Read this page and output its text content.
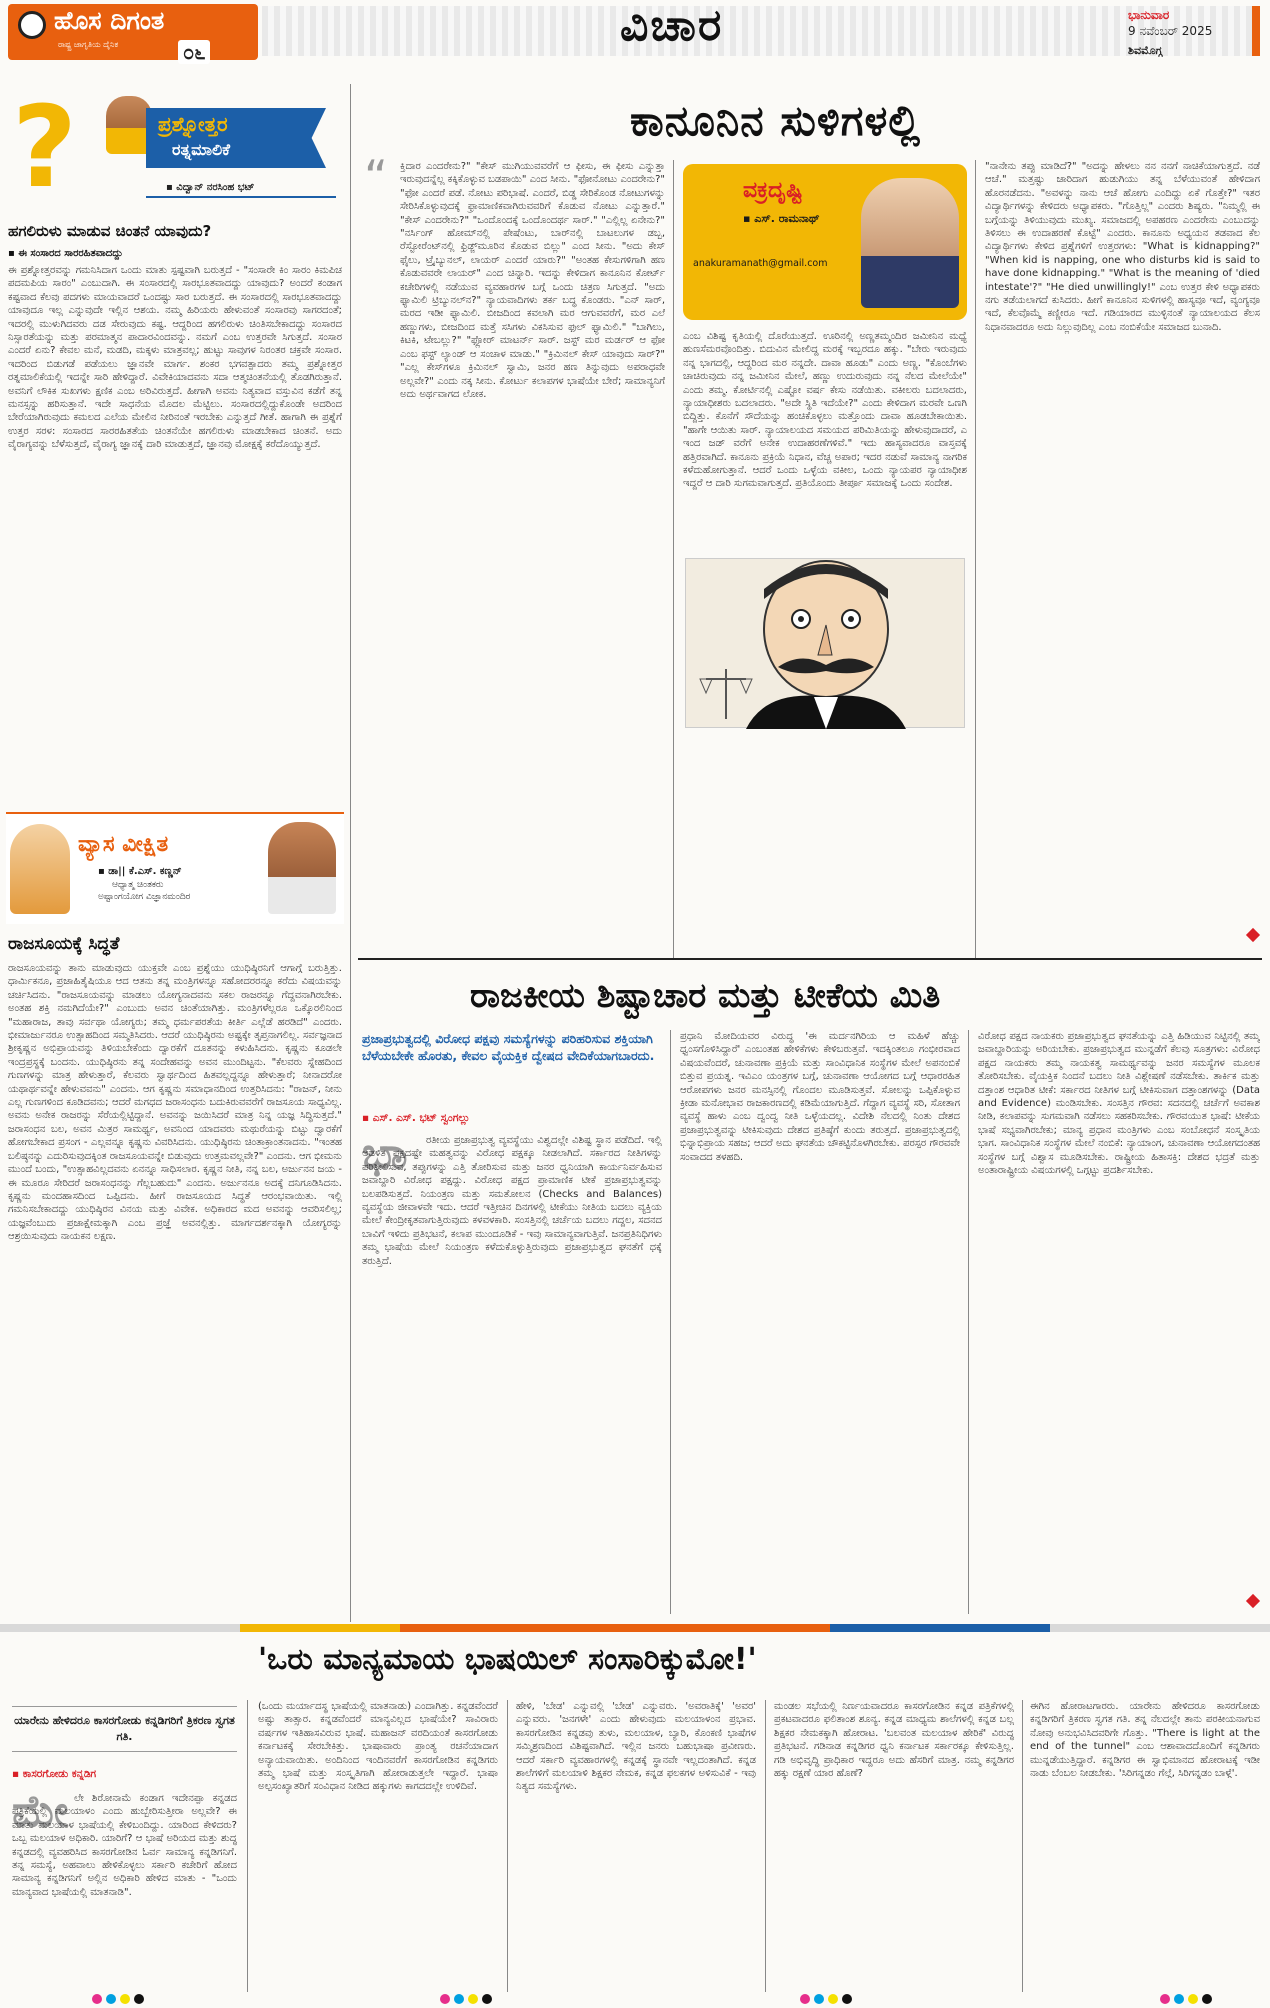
ಹೊಸ ದಿಗಂತ
ರಾಷ್ಟ್ರ ಜಾಗೃತಿಯ ದೈನಿಕ	೦೬
ವಿಚಾರ	ಭಾನುವಾರ
9 ನವೆಂಬರ್ 2025
ಶಿವಮೊಗ್ಗ
?	ಪ್ರಶ್ನೋತ್ತರ
ರತ್ನಮಾಲಿಕೆ
▪ ವಿದ್ವಾನ್ ನರಸಿಂಹ ಭಟ್
ಹಗಲಿರುಳು ಮಾಡುವ ಚಿಂತನೆ ಯಾವುದು?
▪ ಈ ಸಂಸಾರದ ಸಾರರಹಿತವಾದದ್ದು
ಈ ಪ್ರಶ್ನೋತ್ತರವನ್ನು ಗಮನಿಸಿದಾಗ ಒಂದು ಮಾತು ಸ್ಪಷ್ಟವಾಗಿ ಬರುತ್ತದೆ - "ಸಂಸಾರೇ ಕಿಂ ಸಾರಂ ಕಿಮಪಿಚ ಪದಮಪಿಯ ಸಾರಂ" ಎಂಬುದಾಗಿ. ಈ ಸಂಸಾರದಲ್ಲಿ ಸಾರಭೂತವಾದದ್ದು ಯಾವುದು? ಅಂದರೆ ಕಂಡಾಗ ಕಷ್ಟವಾದ ಕೆಲವು ಪದಗಳು ಮಾಯವಾದರೆ ಒಂದಷ್ಟು ಸಾರ ಬರುತ್ತದೆ. ಈ ಸಂಸಾರದಲ್ಲಿ ಸಾರಭೂತವಾದದ್ದು ಯಾವುದೂ ಇಲ್ಲ ಎನ್ನುವುದೇ ಇಲ್ಲಿನ ಆಶಯ. ನಮ್ಮ ಹಿರಿಯರು ಹೇಳುವಂತೆ ಸಂಸಾರವು ಸಾಗರದಂತೆ; ಇದರಲ್ಲಿ ಮುಳುಗಿದವರು ದಡ ಸೇರುವುದು ಕಷ್ಟ. ಆದ್ದರಿಂದ ಹಗಲಿರುಳು ಚಿಂತಿಸಬೇಕಾದದ್ದು ಸಂಸಾರದ ನಿಸ್ಸಾರತೆಯನ್ನು ಮತ್ತು ಪರಮಾತ್ಮನ ಪಾದಾರವಿಂದವನ್ನು. ನಮಗೆ ಎಂಬ ಉತ್ತರವೇ ಸಿಗುತ್ತದೆ. ಸಂಸಾರ ಎಂದರೆ ಏನು? ಕೇವಲ ಮನೆ, ಮಡದಿ, ಮಕ್ಕಳು ಮಾತ್ರವಲ್ಲ; ಹುಟ್ಟು ಸಾವುಗಳ ನಿರಂತರ ಚಕ್ರವೇ ಸಂಸಾರ. ಇದರಿಂದ ಬಿಡುಗಡೆ ಪಡೆಯಲು ಜ್ಞಾನವೇ ಮಾರ್ಗ. ಶಂಕರ ಭಗವತ್ಪಾದರು ತಮ್ಮ ಪ್ರಶ್ನೋತ್ತರ ರತ್ನಮಾಲಿಕೆಯಲ್ಲಿ ಇದನ್ನೇ ಸಾರಿ ಹೇಳಿದ್ದಾರೆ. ವಿವೇಕಿಯಾದವನು ಸದಾ ಆತ್ಮಚಿಂತನೆಯಲ್ಲಿ ತೊಡಗಿರುತ್ತಾನೆ. ಅವನಿಗೆ ಲೌಕಿಕ ಸುಖಗಳು ಕ್ಷಣಿಕ ಎಂಬ ಅರಿವಿರುತ್ತದೆ. ಹೀಗಾಗಿ ಅವನು ನಿತ್ಯವಾದ ವಸ್ತುವಿನ ಕಡೆಗೆ ತನ್ನ ಮನಸ್ಸನ್ನು ಹರಿಸುತ್ತಾನೆ. ಇದೇ ಸಾಧನೆಯ ಮೊದಲ ಮೆಟ್ಟಿಲು. ಸಂಸಾರದಲ್ಲಿದ್ದುಕೊಂಡೇ ಅದರಿಂದ ಬೇರೆಯಾಗಿರುವುದು ಕಮಲದ ಎಲೆಯ ಮೇಲಿನ ನೀರಿನಂತೆ ಇರಬೇಕು ಎನ್ನುತ್ತದೆ ಗೀತೆ. ಹಾಗಾಗಿ ಈ ಪ್ರಶ್ನೆಗೆ ಉತ್ತರ ಸರಳ: ಸಂಸಾರದ ಸಾರರಹಿತತೆಯ ಚಿಂತನೆಯೇ ಹಗಲಿರುಳು ಮಾಡಬೇಕಾದ ಚಿಂತನೆ. ಅದು ವೈರಾಗ್ಯವನ್ನು ಬೆಳೆಸುತ್ತದೆ, ವೈರಾಗ್ಯ ಜ್ಞಾನಕ್ಕೆ ದಾರಿ ಮಾಡುತ್ತದೆ, ಜ್ಞಾನವು ಮೋಕ್ಷಕ್ಕೆ ಕರೆದೊಯ್ಯುತ್ತದೆ.
ವ್ಯಾಸ ವೀಕ್ಷಿತ
▪ ಡಾ|| ಕೆ.ಎಸ್. ಕಣ್ಣನ್
ಆಧ್ಯಾತ್ಮ ಚಿಂತಕರು
ಅಷ್ಟಾಂಗಯೋಗ ವಿಜ್ಞಾನಮಂದಿರ
ರಾಜಸೂಯಕ್ಕೆ ಸಿದ್ಧತೆ
ರಾಜಸೂಯವನ್ನು ತಾನು ಮಾಡುವುದು ಯುಕ್ತವೇ ಎಂಬ ಪ್ರಶ್ನೆಯು ಯುಧಿಷ್ಠಿರನಿಗೆ ಆಗಾಗ್ಗೆ ಬರುತ್ತಿತ್ತು. ಧಾರ್ಮಿಕನೂ, ಪ್ರಜಾಹಿತೈಷಿಯೂ ಆದ ಆತನು ತನ್ನ ಮಂತ್ರಿಗಳನ್ನೂ ಸಹೋದರರನ್ನೂ ಕರೆದು ವಿಷಯವನ್ನು ಚರ್ಚಿಸಿದನು. "ರಾಜಸೂಯವನ್ನು ಮಾಡಲು ಯೋಗ್ಯನಾದವನು ಸಕಲ ರಾಜರನ್ನೂ ಗೆದ್ದವನಾಗಿರಬೇಕು. ಅಂತಹ ಶಕ್ತಿ ನಮಗಿದೆಯೇ?" ಎಂಬುದು ಅವನ ಚಿಂತೆಯಾಗಿತ್ತು. ಮಂತ್ರಿಗಳೆಲ್ಲರೂ ಒಕ್ಕೊರಲಿನಿಂದ "ಮಹಾರಾಜ, ತಾವು ಸರ್ವಥಾ ಯೋಗ್ಯರು; ತಮ್ಮ ಧರ್ಮಪರತೆಯ ಕೀರ್ತಿ ಎಲ್ಲೆಡೆ ಹರಡಿದೆ" ಎಂದರು. ಭೀಮಾರ್ಜುನರೂ ಉತ್ಸಾಹದಿಂದ ಸಮ್ಮತಿಸಿದರು. ಆದರೆ ಯುಧಿಷ್ಠಿರನು ಅಷ್ಟಕ್ಕೇ ತೃಪ್ತನಾಗಲಿಲ್ಲ. ಸರ್ವಜ್ಞನಾದ ಶ್ರೀಕೃಷ್ಣನ ಅಭಿಪ್ರಾಯವನ್ನು ತಿಳಿಯಬೇಕೆಂದು ದ್ವಾರಕೆಗೆ ದೂತನನ್ನು ಕಳುಹಿಸಿದನು. ಕೃಷ್ಣನು ಕೂಡಲೇ ಇಂದ್ರಪ್ರಸ್ಥಕ್ಕೆ ಬಂದನು. ಯುಧಿಷ್ಠಿರನು ತನ್ನ ಸಂದೇಹವನ್ನು ಅವನ ಮುಂದಿಟ್ಟನು. "ಕೆಲವರು ಸ್ನೇಹದಿಂದ ಗುಣಗಳನ್ನು ಮಾತ್ರ ಹೇಳುತ್ತಾರೆ, ಕೆಲವರು ಸ್ವಾರ್ಥದಿಂದ ಹಿತವಲ್ಲದ್ದನ್ನೂ ಹೇಳುತ್ತಾರೆ; ನೀನಾದರೋ ಯಥಾರ್ಥವನ್ನೇ ಹೇಳುವವನು" ಎಂದನು. ಆಗ ಕೃಷ್ಣನು ಸಮಾಧಾನದಿಂದ ಉತ್ತರಿಸಿದನು: "ರಾಜನ್, ನೀನು ಎಲ್ಲ ಗುಣಗಳಿಂದ ಕೂಡಿದವನು; ಆದರೆ ಮಗಧದ ಜರಾಸಂಧನು ಬದುಕಿರುವವರೆಗೆ ರಾಜಸೂಯ ಸಾಧ್ಯವಿಲ್ಲ. ಅವನು ಅನೇಕ ರಾಜರನ್ನು ಸೆರೆಯಲ್ಲಿಟ್ಟಿದ್ದಾನೆ. ಅವನನ್ನು ಜಯಿಸಿದರೆ ಮಾತ್ರ ನಿನ್ನ ಯಜ್ಞ ಸಿದ್ಧಿಸುತ್ತದೆ." ಜರಾಸಂಧನ ಬಲ, ಅವನ ಮಿತ್ರರ ಸಾಮರ್ಥ್ಯ, ಅವನಿಂದ ಯಾದವರು ಮಥುರೆಯನ್ನು ಬಿಟ್ಟು ದ್ವಾರಕೆಗೆ ಹೋಗಬೇಕಾದ ಪ್ರಸಂಗ - ಎಲ್ಲವನ್ನೂ ಕೃಷ್ಣನು ವಿವರಿಸಿದನು. ಯುಧಿಷ್ಠಿರನು ಚಿಂತಾಕ್ರಾಂತನಾದನು. "ಇಂತಹ ಬಲಿಷ್ಠನನ್ನು ಎದುರಿಸುವುದಕ್ಕಿಂತ ರಾಜಸೂಯವನ್ನೇ ಬಿಡುವುದು ಉತ್ತಮವಲ್ಲವೇ?" ಎಂದನು. ಆಗ ಭೀಮನು ಮುಂದೆ ಬಂದು, "ಉತ್ಸಾಹವಿಲ್ಲದವನು ಏನನ್ನೂ ಸಾಧಿಸಲಾರ. ಕೃಷ್ಣನ ನೀತಿ, ನನ್ನ ಬಲ, ಅರ್ಜುನನ ಜಯ - ಈ ಮೂರೂ ಸೇರಿದರೆ ಜರಾಸಂಧನನ್ನು ಗೆಲ್ಲಬಹುದು" ಎಂದನು. ಅರ್ಜುನನೂ ಅದಕ್ಕೆ ದನಿಗೂಡಿಸಿದನು. ಕೃಷ್ಣನು ಮಂದಹಾಸದಿಂದ ಒಪ್ಪಿದನು. ಹೀಗೆ ರಾಜಸೂಯದ ಸಿದ್ಧತೆ ಆರಂಭವಾಯಿತು. ಇಲ್ಲಿ ಗಮನಿಸಬೇಕಾದದ್ದು ಯುಧಿಷ್ಠಿರನ ವಿನಯ ಮತ್ತು ವಿವೇಕ. ಅಧಿಕಾರದ ಮದ ಅವನನ್ನು ಆವರಿಸಲಿಲ್ಲ; ಯಜ್ಞವೆಂಬುದು ಪ್ರಜಾಕ್ಷೇಮಕ್ಕಾಗಿ ಎಂಬ ಪ್ರಜ್ಞೆ ಅವನಲ್ಲಿತ್ತು. ಮಾರ್ಗದರ್ಶನಕ್ಕಾಗಿ ಯೋಗ್ಯರನ್ನು ಆಶ್ರಯಿಸುವುದು ನಾಯಕನ ಲಕ್ಷಣ.
ಕಾನೂನಿನ ಸುಳಿಗಳಲ್ಲಿ
“ ಕ್ತಿದಾರ ಎಂದರೇನು?" "ಕೇಸ್ ಮುಗಿಯುವವರೆಗೆ ಆ ಫೀಸು, ಈ ಫೀಸು ಎನ್ನುತ್ತಾ ಇರುವುದನ್ನೆಲ್ಲ ಕಕ್ಕಿಕೊಳ್ಳುವ ಬಡಪಾಯಿ" ಎಂದ ಸೀನು. "ಫೋನೋಟು ಎಂದರೇನು?" "ಫೋ ಎಂದರೆ ಪಡೆ. ನೋಟು ಪರಿಭಾಷೆ. ಎಂದರೆ, ಬಿಡ್ಡ ಸೇರಿಕೊಂಡ ನೋಟುಗಳನ್ನು ಸೇರಿಸಿಕೊಳ್ಳುವುದಕ್ಕೆ ಫ್ರಾಮಾಣಿಕವಾಗಿರುವವರಿಗೆ ಕೊಡುವ ನೋಟು ಎನ್ನುತ್ತಾರೆ." "ಕೇಸ್ ಎಂದರೇನು?" "ಒಂದೊಂದಕ್ಕೆ ಒಂದೊಂದರ್ಥ ಸಾರ್." "ಎಲ್ಲಿಲ್ಲ ಏನೇನು?" "ನರ್ಸಿಂಗ್ ಹೋಮ್‌ನಲ್ಲಿ ಪೇಷೆಂಟು, ಬಾರ್‌ನಲ್ಲಿ ಬಾಟಲುಗಳ ಡಬ್ಬ, ರೆಸ್ಟೋರೆಂಟ್‌ನಲ್ಲಿ ಫ್ರಿಡ್ಜ್‌ಮೂರಿನ ಕೊಡುವ ಬಿಲ್ಲು" ಎಂದ ಸೀನು. "ಅದು ಕೇಸ್ ಫೈಲು, ಟ್ರೈಬ್ಯುನಲ್, ಲಾಯರ್ ಎಂದರೆ ಯಾರು?" "ಅಂತಹ ಕೇಸುಗಳಿಗಾಗಿ ಹಣ ಕೊಡುವವರೇ ಲಾಯರ್" ಎಂದ ಚಿನ್ನಾರಿ. ಇದನ್ನು ಕೇಳಿದಾಗ ಕಾನೂನಿನ ಕೋರ್ಟ್ ಕಚೇರಿಗಳಲ್ಲಿ ನಡೆಯುವ ವ್ಯವಹಾರಗಳ ಬಗ್ಗೆ ಒಂದು ಚಿತ್ರಣ ಸಿಗುತ್ತದೆ. "ಅದು ಫ್ಯಾಮಿಲಿ ಟ್ರಿಬ್ಯುನಲ್‌ನ?" ನ್ಯಾಯವಾದಿಗಳು ತರ್ಕ ಬದ್ಧ ಕೊಂಡರು. "ಎನ್ ಸಾರ್, ಮರದ ಇಡೀ ಫ್ಯಾಮಿಲಿ. ಬೀಜದಿಂದ ಕವಲಾಗಿ ಮರ ಆಗುವವರೆಗೆ, ಮರ ಎಲೆ ಹಣ್ಣುಗಳು, ಬೀಜದಿಂದ ಮತ್ತೆ ಸಸಿಗಳು ವಿಕಸಿಸುವ ಫುಲ್ ಫ್ಯಾಮಿಲಿ." "ಬಾಗಿಲು, ಕಿಟಕಿ, ಟೇಬಲ್ಲು?" "ಫ್ಲೋರ್ ಮಾಟರ್ನ್ ಸಾರ್. ಜಸ್ಟ್ ಮರ ಮರ್ಡರ್ ಆ ಫೋ ಎಂಬ ಫಸ್ಟ್ ಲ್ಯಾಂಡ್ ಆ ಸಂಚಾಳ ಮಾಡು." "ಕ್ರಿಮಿನಲ್ ಕೇಸ್ ಯಾವುದು ಸಾರ್?" "ಎಲ್ಲ ಕೇಸ್‌ಗಳೂ ಕ್ರಿಮಿನಲ್ ಸ್ವಾಮಿ, ಜನರ ಹಣ ತಿನ್ನುವುದು ಅಪರಾಧವೇ ಅಲ್ಲವೇ?" ಎಂದು ನಕ್ಕ ಸೀನು. ಕೋರ್ಟು ಕಲಾಪಗಳ ಭಾಷೆಯೇ ಬೇರೆ; ಸಾಮಾನ್ಯನಿಗೆ ಅದು ಅರ್ಥವಾಗದ ಲೋಕ.
ವಕ್ರದೃಷ್ಟಿ
▪ ಎಸ್. ರಾಮನಾಥ್
anakuramanath@gmail.com
ಎಂಬ ವಿಶಿಷ್ಟ ಕೃತಿಯಲ್ಲಿ ದೊರೆಯುತ್ತದೆ. ಊರಿನಲ್ಲಿ ಅಣ್ಣತಮ್ಮಂದಿರ ಜಮೀನಿನ ಮಧ್ಯೆ ಹುಣಸೆಮರವೊಂದಿತ್ತು. ಬಿದುವಿನ ಮೇಲಿದ್ದ ಮರಕ್ಕೆ ಇಬ್ಬರದೂ ಹಕ್ಕು. "ಬೇರು ಇರುವುದು ನನ್ನ ಭಾಗದಲ್ಲಿ, ಆದ್ದರಿಂದ ಮರ ನನ್ನದೇ. ದಾವಾ ಹೂಡು" ಎಂದು ಅಣ್ಣ. "ಕೊಂಬೆಗಳು ಚಾಚಿರುವುದು ನನ್ನ ಜಮೀನಿನ ಮೇಲೆ, ಹಣ್ಣು ಉದುರುವುದು ನನ್ನ ನೆಲದ ಮೇಲೆಯೇ" ಎಂದು ತಮ್ಮ. ಕೋರ್ಟಿನಲ್ಲಿ ಎಷ್ಟೋ ವರ್ಷ ಕೇಸು ನಡೆಯಿತು. ವಕೀಲರು ಬದಲಾದರು, ನ್ಯಾಯಾಧೀಶರು ಬದಲಾದರು. "ಅದೇ ಸ್ಥಿತಿ ಇದೆಯೇ?" ಎಂದು ಕೇಳಿದಾಗ ಮರವೇ ಒಣಗಿ ಬಿದ್ದಿತ್ತು. ಕೊನೆಗೆ ಸೌದೆಯನ್ನು ಹಂಚಿಕೊಳ್ಳಲು ಮತ್ತೊಂದು ದಾವಾ ಹೂಡಬೇಕಾಯಿತು. "ಹಾಗೇ ಆಯಿತು ಸಾರ್. ನ್ಯಾಯಾಲಯದ ಸಮಯದ ಪರಿಮಿತಿಯನ್ನು ಹೇಳುವುದಾದರೆ, ಎ ಇಂದ ಜಡ್ ವರೆಗೆ ಅನೇಕ ಉದಾಹರಣೆಗಳಿವೆ." ಇದು ಹಾಸ್ಯವಾದರೂ ವಾಸ್ತವಕ್ಕೆ ಹತ್ತಿರವಾಗಿದೆ. ಕಾನೂನು ಪ್ರಕ್ರಿಯೆ ನಿಧಾನ, ವೆಚ್ಚ ಅಪಾರ; ಇದರ ನಡುವೆ ಸಾಮಾನ್ಯ ನಾಗರಿಕ ಕಳೆದುಹೋಗುತ್ತಾನೆ. ಆದರೆ ಒಂದು ಒಳ್ಳೆಯ ವಕೀಲ, ಒಂದು ನ್ಯಾಯಪರ ನ್ಯಾಯಾಧೀಶ ಇದ್ದರೆ ಆ ದಾರಿ ಸುಗಮವಾಗುತ್ತದೆ. ಪ್ರತಿಯೊಂದು ತೀರ್ಪೂ ಸಮಾಜಕ್ಕೆ ಒಂದು ಸಂದೇಶ.
"ನಾನೇನು ತಪ್ಪು ಮಾಡಿದೆ?" "ಅದನ್ನು ಹೇಳಲು ನನ ನನಗೆ ನಾಚಿಕೆಯಾಗುತ್ತದೆ. ನಡೆ ಆಚೆ." ಮತ್ತಷ್ಟು ಜಾರಿದಾಗ ಹುಡುಗಿಯು ತನ್ನ ಬೆಳೆಯುವಂತೆ ಹೇಳಿದಾಗ ಹೊರನಡೆದನು. "ಅವಳನ್ನು ನಾನು ಆಚೆ ಹೋಗು ಎಂದಿದ್ದು ಏಕೆ ಗೊತ್ತೇ?" ಇತರ ವಿದ್ಯಾರ್ಥಿಗಳನ್ನು ಕೇಳಿದರು ಅಧ್ಯಾಪಕರು. "ಗೊತ್ತಿಲ್ಲ" ಎಂದರು ಶಿಷ್ಯರು. "ನಿಮ್ಮಲ್ಲಿ ಈ ಬಗ್ಗೆಯನ್ನು ತಿಳಿಯುವುದು ಮುಖ್ಯ. ಸಮಾಜದಲ್ಲಿ ಅಪಹರಣ ಎಂದರೇನು ಎಂಬುದನ್ನು ತಿಳಿಸಲು ಈ ಉದಾಹರಣೆ ಕೊಟ್ಟೆ" ಎಂದರು. ಕಾನೂನು ಅಧ್ಯಯನ ತಡವಾದ ಕೆಲ ವಿದ್ಯಾರ್ಥಿಗಳು ಕೇಳಿದ ಪ್ರಶ್ನೆಗಳಿಗೆ ಉತ್ತರಗಳು: "What is kidnapping?" "When kid is napping, one who disturbs kid is said to have done kidnapping." "What is the meaning of 'died intestate'?" "He died unwillingly!" ಎಂಬ ಉತ್ತರ ಕೇಳಿ ಅಧ್ಯಾಪಕರು ನಗು ತಡೆಯಲಾಗದೆ ಕುಸಿದರು. ಹೀಗೆ ಕಾನೂನಿನ ಸುಳಿಗಳಲ್ಲಿ ಹಾಸ್ಯವೂ ಇದೆ, ವ್ಯಂಗ್ಯವೂ ಇದೆ, ಕೆಲವೊಮ್ಮೆ ಕಣ್ಣೀರೂ ಇದೆ. ಗಡಿಯಾರದ ಮುಳ್ಳಿನಂತೆ ನ್ಯಾಯಾಲಯದ ಕೆಲಸ ನಿಧಾನವಾದರೂ ಅದು ನಿಲ್ಲುವುದಿಲ್ಲ ಎಂಬ ನಂಬಿಕೆಯೇ ಸಮಾಜದ ಬುನಾದಿ.
ರಾಜಕೀಯ ಶಿಷ್ಟಾಚಾರ ಮತ್ತು ಟೀಕೆಯ ಮಿತಿ
ಪ್ರಜಾಪ್ರಭುತ್ವದಲ್ಲಿ ವಿರೋಧ ಪಕ್ಷವು ಸಮಸ್ಯೆಗಳನ್ನು ಪರಿಹರಿಸುವ ಶಕ್ತಿಯಾಗಿ ಬೆಳೆಯಬೇಕೇ ಹೊರತು, ಕೇವಲ ವೈಯಕ್ತಿಕ ದ್ವೇಷದ ವೇದಿಕೆಯಾಗಬಾರದು.
▪ ಎಸ್. ಎಸ್. ಭಟ್ ಸ್ವಂಗಲ್ಲು
ಭಾ	ರತೀಯ ಪ್ರಜಾಪ್ರಭುತ್ವ ವ್ಯವಸ್ಥೆಯು ವಿಶ್ವದಲ್ಲೇ ವಿಶಿಷ್ಟ ಸ್ಥಾನ ಪಡೆದಿದೆ. ಇಲ್ಲಿ ಆಡಳಿತ ಪಕ್ಷದಷ್ಟೇ ಮಹತ್ವವನ್ನು ವಿರೋಧ ಪಕ್ಷಕ್ಕೂ ನೀಡಲಾಗಿದೆ. ಸರ್ಕಾರದ ನೀತಿಗಳನ್ನು ಪರಿಶೀಲಿಸುವ, ತಪ್ಪುಗಳನ್ನು ಎತ್ತಿ ತೋರಿಸುವ ಮತ್ತು ಜನರ ಧ್ವನಿಯಾಗಿ ಕಾರ್ಯನಿರ್ವಹಿಸುವ ಜವಾಬ್ದಾರಿ ವಿರೋಧ ಪಕ್ಷದ್ದು. ವಿರೋಧ ಪಕ್ಷದ ಪ್ರಾಮಾಣಿಕ ಟೀಕೆ ಪ್ರಜಾಪ್ರಭುತ್ವವನ್ನು ಬಲಪಡಿಸುತ್ತದೆ. ನಿಯಂತ್ರಣ ಮತ್ತು ಸಮತೋಲನ (Checks and Balances) ವ್ಯವಸ್ಥೆಯ ಜೀವಾಳವೇ ಇದು. ಆದರೆ ಇತ್ತೀಚಿನ ದಿನಗಳಲ್ಲಿ ಟೀಕೆಯು ನೀತಿಯ ಬದಲು ವ್ಯಕ್ತಿಯ ಮೇಲೆ ಕೇಂದ್ರೀಕೃತವಾಗುತ್ತಿರುವುದು ಕಳವಳಕಾರಿ. ಸಂಸತ್ತಿನಲ್ಲಿ ಚರ್ಚೆಯ ಬದಲು ಗದ್ದಲ, ಸದನದ ಬಾವಿಗೆ ಇಳಿದು ಪ್ರತಿಭಟನೆ, ಕಲಾಪ ಮುಂದೂಡಿಕೆ - ಇವು ಸಾಮಾನ್ಯವಾಗುತ್ತಿವೆ. ಜನಪ್ರತಿನಿಧಿಗಳು ತಮ್ಮ ಭಾಷೆಯ ಮೇಲೆ ನಿಯಂತ್ರಣ ಕಳೆದುಕೊಳ್ಳುತ್ತಿರುವುದು ಪ್ರಜಾಪ್ರಭುತ್ವದ ಘನತೆಗೆ ಧಕ್ಕೆ ತರುತ್ತಿದೆ.
ಪ್ರಧಾನಿ ಮೋದಿಯವರ ವಿರುದ್ಧ 'ಈ ಮರ್ದನಗಿರಿಯ ಆ ಮಹಿಳೆ ಹೆಚ್ಚು ಧ್ವಂಸಗೊಳಿಸಿದ್ದಾರೆ' ಎಂಬಂತಹ ಹೇಳಿಕೆಗಳು ಕೇಳಿಬರುತ್ತವೆ. ಇದಕ್ಕಿಂತಲೂ ಗಂಭೀರವಾದ ವಿಷಯವೆಂದರೆ, ಚುನಾವಣಾ ಪ್ರಕ್ರಿಯೆ ಮತ್ತು ಸಾಂವಿಧಾನಿಕ ಸಂಸ್ಥೆಗಳ ಮೇಲೆ ಅಪನಂಬಿಕೆ ಬಿತ್ತುವ ಪ್ರಯತ್ನ. ಇವಿಎಂ ಯಂತ್ರಗಳ ಬಗ್ಗೆ, ಚುನಾವಣಾ ಆಯೋಗದ ಬಗ್ಗೆ ಆಧಾರರಹಿತ ಆರೋಪಗಳು ಜನರ ಮನಸ್ಸಿನಲ್ಲಿ ಗೊಂದಲ ಮೂಡಿಸುತ್ತವೆ. ಸೋಲನ್ನು ಒಪ್ಪಿಕೊಳ್ಳುವ ಕ್ರೀಡಾ ಮನೋಭಾವ ರಾಜಕಾರಣದಲ್ಲಿ ಕಡಿಮೆಯಾಗುತ್ತಿದೆ. ಗೆದ್ದಾಗ ವ್ಯವಸ್ಥೆ ಸರಿ, ಸೋತಾಗ ವ್ಯವಸ್ಥೆ ಹಾಳು ಎಂಬ ದ್ವಂದ್ವ ನೀತಿ ಒಳ್ಳೆಯದಲ್ಲ. ವಿದೇಶಿ ನೆಲದಲ್ಲಿ ನಿಂತು ದೇಶದ ಪ್ರಜಾಪ್ರಭುತ್ವವನ್ನು ಟೀಕಿಸುವುದು ದೇಶದ ಪ್ರತಿಷ್ಠೆಗೆ ಕುಂದು ತರುತ್ತದೆ. ಪ್ರಜಾಪ್ರಭುತ್ವದಲ್ಲಿ ಭಿನ್ನಾಭಿಪ್ರಾಯ ಸಹಜ; ಆದರೆ ಅದು ಘನತೆಯ ಚೌಕಟ್ಟಿನೊಳಗಿರಬೇಕು. ಪರಸ್ಪರ ಗೌರವವೇ ಸಂವಾದದ ತಳಹದಿ.
ವಿರೋಧ ಪಕ್ಷದ ನಾಯಕರು ಪ್ರಜಾಪ್ರಭುತ್ವದ ಘನತೆಯನ್ನು ಎತ್ತಿ ಹಿಡಿಯುವ ನಿಟ್ಟಿನಲ್ಲಿ ತಮ್ಮ ಜವಾಬ್ದಾರಿಯನ್ನು ಅರಿಯಬೇಕು. ಪ್ರಜಾಪ್ರಭುತ್ವದ ಮುನ್ನಡೆಗೆ ಕೆಲವು ಸೂತ್ರಗಳು: ವಿರೋಧ ಪಕ್ಷದ ನಾಯಕರು ತಮ್ಮ ನಾಯಕತ್ವ ಸಾಮರ್ಥ್ಯವನ್ನು ಜನರ ಸಮಸ್ಯೆಗಳ ಮೂಲಕ ತೋರಿಸಬೇಕು. ವೈಯಕ್ತಿಕ ನಿಂದನೆ ಬದಲು ನೀತಿ ವಿಶ್ಲೇಷಣೆ ನಡೆಸಬೇಕು. ತಾರ್ಕಿಕ ಮತ್ತು ದತ್ತಾಂಶ ಆಧಾರಿತ ಟೀಕೆ: ಸರ್ಕಾರದ ನೀತಿಗಳ ಬಗ್ಗೆ ಟೀಕಿಸುವಾಗ ದತ್ತಾಂಶಗಳನ್ನು (Data and Evidence) ಮಂಡಿಸಬೇಕು. ಸಂಸತ್ತಿನ ಗೌರವ: ಸದನದಲ್ಲಿ ಚರ್ಚೆಗೆ ಅವಕಾಶ ನೀಡಿ, ಕಲಾಪವನ್ನು ಸುಗಮವಾಗಿ ನಡೆಸಲು ಸಹಕರಿಸಬೇಕು. ಗೌರವಯುತ ಭಾಷೆ: ಟೀಕೆಯ ಭಾಷೆ ಸಭ್ಯವಾಗಿರಬೇಕು; ಮಾನ್ಯ ಪ್ರಧಾನ ಮಂತ್ರಿಗಳು ಎಂಬ ಸಂಬೋಧನೆ ಸಂಸ್ಕೃತಿಯ ಭಾಗ. ಸಾಂವಿಧಾನಿಕ ಸಂಸ್ಥೆಗಳ ಮೇಲೆ ನಂಬಿಕೆ: ನ್ಯಾಯಾಂಗ, ಚುನಾವಣಾ ಆಯೋಗದಂತಹ ಸಂಸ್ಥೆಗಳ ಬಗ್ಗೆ ವಿಶ್ವಾಸ ಮೂಡಿಸಬೇಕು. ರಾಷ್ಟ್ರೀಯ ಹಿತಾಸಕ್ತಿ: ದೇಶದ ಭದ್ರತೆ ಮತ್ತು ಅಂತಾರಾಷ್ಟ್ರೀಯ ವಿಷಯಗಳಲ್ಲಿ ಒಗ್ಗಟ್ಟು ಪ್ರದರ್ಶಿಸಬೇಕು.
'ಒರು ಮಾನ್ಯಮಾಯ ಭಾಷಯಿಲ್ ಸಂಸಾರಿಕ್ಕುಮೋ!'
ಯಾರೇನು ಹೇಳಿದರೂ ಕಾಸರಗೋಡು ಕನ್ನಡಿಗರಿಗೆ ತ್ರಿಕರಣ ಸ್ವಗತ ಗತಿ.
▪ ಕಾಸರಗೋಡು ಕನ್ನಡಿಗ
ಮೇ ಲೇ ಶಿರೋನಾಮೆ ಕಂಡಾಗ ಇದೇನಪ್ಪಾ ಕನ್ನಡದ ಪತ್ರಿಕೆಯಲ್ಲಿ ಮಲಯಾಳಂ ಎಂದು ಹುಬ್ಬೇರಿಸುತ್ತೀರಾ ಅಲ್ಲವೇ? ಈ ಮಾತು ಮಲಯಾಳ ಭಾಷೆಯಲ್ಲಿ ಕೇಳಿಬಂದಿದ್ದು. ಯಾರಿಂದ ಕೇಳಿದರು? ಒಬ್ಬ ಮಲಯಾಳ ಅಧಿಕಾರಿ. ಯಾರಿಗೆ? ಆ ಭಾಷೆ ಅರಿಯದ ಮತ್ತು ಶುದ್ಧ ಕನ್ನಡದಲ್ಲಿ ವ್ಯವಹರಿಸಿದ ಕಾಸರಗೋಡಿನ ಓರ್ವ ಸಾಮಾನ್ಯ ಕನ್ನಡಿಗನಿಗೆ. ತನ್ನ ಸಮಸ್ಯೆ, ಅಹವಾಲು ಹೇಳಿಕೊಳ್ಳಲು ಸರ್ಕಾರಿ ಕಚೇರಿಗೆ ಹೋದ ಸಾಮಾನ್ಯ ಕನ್ನಡಿಗನಿಗೆ ಅಲ್ಲಿನ ಅಧಿಕಾರಿ ಹೇಳಿದ ಮಾತು - "ಒಂದು ಮಾನ್ಯವಾದ ಭಾಷೆಯಲ್ಲಿ ಮಾತನಾಡಿ".
(ಒಂದು ಮರ್ಯಾದಸ್ಥ ಭಾಷೆಯಲ್ಲಿ ಮಾತನಾಡು) ಎಂದಾಗಿತ್ತು. ಕನ್ನಡವೆಂದರೆ ಅಷ್ಟು ತಾತ್ಸಾರ. ಕನ್ನಡವೆಂದರೆ ಮಾನ್ಯವಿಲ್ಲದ ಭಾಷೆಯೇ? ಸಾವಿರಾರು ವರ್ಷಗಳ ಇತಿಹಾಸವಿರುವ ಭಾಷೆ. ಮಹಾಜನ್ ವರದಿಯಂತೆ ಕಾಸರಗೋಡು ಕರ್ನಾಟಕಕ್ಕೆ ಸೇರಬೇಕಿತ್ತು. ಭಾಷಾವಾರು ಪ್ರಾಂತ್ಯ ರಚನೆಯಾದಾಗ ಅನ್ಯಾಯವಾಯಿತು. ಅಂದಿನಿಂದ ಇಂದಿನವರೆಗೆ ಕಾಸರಗೋಡಿನ ಕನ್ನಡಿಗರು ತಮ್ಮ ಭಾಷೆ ಮತ್ತು ಸಂಸ್ಕೃತಿಗಾಗಿ ಹೋರಾಡುತ್ತಲೇ ಇದ್ದಾರೆ. ಭಾಷಾ ಅಲ್ಪಸಂಖ್ಯಾತರಿಗೆ ಸಂವಿಧಾನ ನೀಡಿದ ಹಕ್ಕುಗಳು ಕಾಗದದಲ್ಲೇ ಉಳಿದಿವೆ.
ಹೇಳಿ, 'ಬೇಡ' ಎನ್ನುವಲ್ಲಿ 'ಬೇಡ' ಎನ್ನುವರು. 'ಅವರಾತಿಕ್ಕೆ' 'ಅವರ' ಎನ್ನುವರು. 'ಜನಗಳೇ' ಎಂದು ಹೇಳುವುದು ಮಲಯಾಳಂನ ಪ್ರಭಾವ. ಕಾಸರಗೋಡಿನ ಕನ್ನಡವು ತುಳು, ಮಲಯಾಳ, ಬ್ಯಾರಿ, ಕೊಂಕಣಿ ಭಾಷೆಗಳ ಸಮ್ಮಿಶ್ರಣದಿಂದ ವಿಶಿಷ್ಟವಾಗಿದೆ. ಇಲ್ಲಿನ ಜನರು ಬಹುಭಾಷಾ ಪ್ರವೀಣರು. ಆದರೆ ಸರ್ಕಾರಿ ವ್ಯವಹಾರಗಳಲ್ಲಿ ಕನ್ನಡಕ್ಕೆ ಸ್ಥಾನವೇ ಇಲ್ಲದಂತಾಗಿದೆ. ಕನ್ನಡ ಶಾಲೆಗಳಿಗೆ ಮಲಯಾಳಿ ಶಿಕ್ಷಕರ ನೇಮಕ, ಕನ್ನಡ ಫಲಕಗಳ ಅಳಿಸುವಿಕೆ - ಇವು ನಿತ್ಯದ ಸಮಸ್ಯೆಗಳು.
ಮಂಡಲ ಸಭೆಯಲ್ಲಿ ನಿರ್ಣಯವಾದರೂ ಕಾಸರಗೋಡಿನ ಕನ್ನಡ ಪತ್ರಿಕೆಗಳಲ್ಲಿ ಪ್ರಕಟವಾದರೂ ಫಲಿತಾಂಶ ಶೂನ್ಯ. ಕನ್ನಡ ಮಾಧ್ಯಮ ಶಾಲೆಗಳಲ್ಲಿ ಕನ್ನಡ ಬಲ್ಲ ಶಿಕ್ಷಕರ ನೇಮಕಕ್ಕಾಗಿ ಹೋರಾಟ. 'ಬಲವಂತ ಮಲಯಾಳ ಹೇರಿಕೆ' ವಿರುದ್ಧ ಪ್ರತಿಭಟನೆ. ಗಡಿನಾಡ ಕನ್ನಡಿಗರ ಧ್ವನಿ ಕರ್ನಾಟಕ ಸರ್ಕಾರಕ್ಕೂ ಕೇಳಿಸುತ್ತಿಲ್ಲ. ಗಡಿ ಅಭಿವೃದ್ಧಿ ಪ್ರಾಧಿಕಾರ ಇದ್ದರೂ ಅದು ಹೆಸರಿಗೆ ಮಾತ್ರ. ನಮ್ಮ ಕನ್ನಡಿಗರ ಹಕ್ಕು ರಕ್ಷಣೆ ಯಾರ ಹೊಣೆ?
ಈಗಿನ ಹೋರಾಟಗಾರರು. ಯಾರೇನು ಹೇಳಿದರೂ ಕಾಸರಗೋಡು ಕನ್ನಡಿಗರಿಗೆ ತ್ರಿಕರಣ ಸ್ವಗತ ಗತಿ. ತನ್ನ ನೆಲದಲ್ಲೇ ತಾನು ಪರಕೀಯನಾಗುವ ನೋವು ಅನುಭವಿಸಿದವರಿಗೇ ಗೊತ್ತು. "There is light at the end of the tunnel" ಎಂಬ ಆಶಾವಾದದೊಂದಿಗೆ ಕನ್ನಡಿಗರು ಮುನ್ನಡೆಯುತ್ತಿದ್ದಾರೆ. ಕನ್ನಡಿಗರ ಈ ಸ್ವಾಭಿಮಾನದ ಹೋರಾಟಕ್ಕೆ ಇಡೀ ನಾಡು ಬೆಂಬಲ ನೀಡಬೇಕು. 'ಸಿರಿಗನ್ನಡಂ ಗೆಲ್ಗೆ, ಸಿರಿಗನ್ನಡಂ ಬಾಳ್ಗೆ'.
